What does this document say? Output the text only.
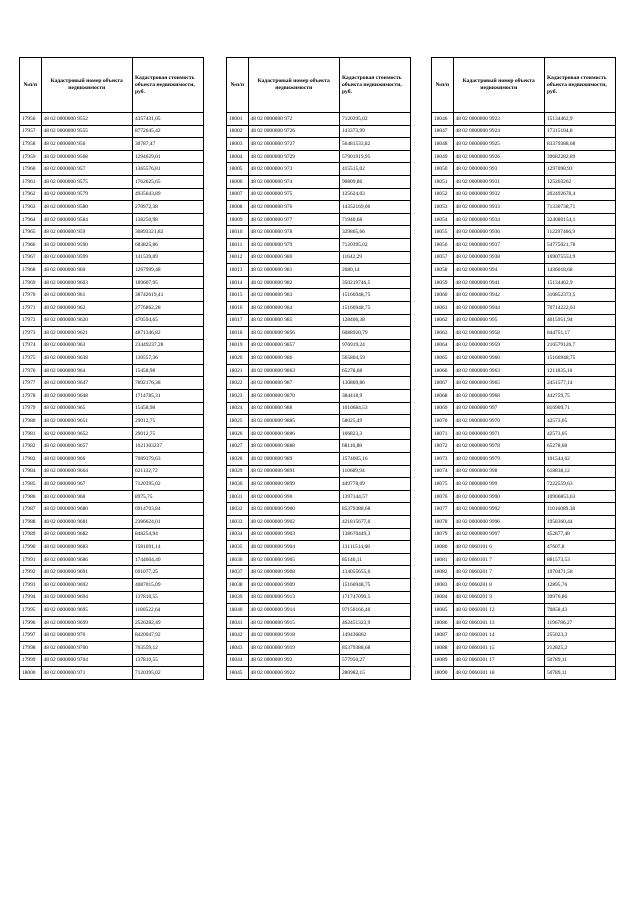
№п/п	Кадастровый номер объекта недвижимости	Кадастровая стоимость объекта недвижимости, руб.
17956	48 02 0000000 9552	4357431,05
17957	48 02 0000000 9555	8772645,42
17958	48 02 0000000 956	30787,47
17959	48 02 0000000 9568	1294029,01
17960	48 02 0000000 957	1365576,81
17961	48 02 0000000 9575	1762625,65
17962	48 02 0000000 9579	4935643,89
17963	48 02 0000000 9580	270972,38
17964	48 02 0000000 9584	138250,98
17965	48 02 0000000 959	30893321,82
17966	48 02 0000000 9590	683825,86
17967	48 02 0000000 9599	141539,89
17968	48 02 0000000 960	1267999,48
17969	48 02 0000000 9603	189607,95
17970	48 02 0000000 961	38742619,41
17971	48 02 0000000 962	2776862,28
17972	48 02 0000000 9620	470594,65
17973	48 02 0000000 9621	4871346,82
17974	48 02 0000000 963	23449237,28
17975	48 02 0000000 9638	130557,36
17976	48 02 0000000 964	15458,98
17977	48 02 0000000 9647	7892176,38
17978	48 02 0000000 9648	1714785,31
17979	48 02 0000000 965	15458,98
17980	48 02 0000000 9651	29012,75
17981	48 02 0000000 9652	29012,75
17982	48 02 0000000 9657	1021303237
17983	48 02 0000000 966	7089379,63
17984	48 02 0000000 9664	621132,72
17985	48 02 0000000 967	7120395,02
17986	48 02 0000000 968	8975,75
17987	48 02 0000000 9680	6914703,84
17988	48 02 0000000 9681	2386624,01
17989	48 02 0000000 9682	848254,94
17990	48 02 0000000 9683	1581691,14
17991	48 02 0000000 9686	1744604,40
17992	48 02 0000000 9691	691077,25
17993	48 02 0000000 9692	4087015,09
17994	48 02 0000000 9694	137810,55
17995	48 02 0000000 9695	1180522,64
17996	48 02 0000000 9699	2526282,49
17997	48 02 0000000 970	8420047,92
17998	48 02 0000000 9700	703559,12
17999	48 02 0000000 9704	137810,55
18000	48 02 0000000 971	7120395,02
№п/п	Кадастровый номер объекта недвижимости	Кадастровая стоимость объекта недвижимости, руб.
18001	48 02 0000000 972	7120395,02
18002	48 02 0000000 9726	143373,99
18003	48 02 0000000 9727	56481533,82
18004	48 02 0000000 9729	57901919,95
18005	48 02 0000000 973	415515,02
18006	48 02 0000000 974	90809,86
18007	48 02 0000000 975	125624,03
18008	48 02 0000000 976	14352169,06
18009	48 02 0000000 977	71940,68
18010	48 02 0000000 978	329805,66
18011	48 02 0000000 979	7120395,02
18012	48 02 0000000 980	11642,29
18013	48 02 0000000 981	2680,14
18014	48 02 0000000 982	350219746,5
18015	48 02 0000000 983	15166948,75
18016	48 02 0000000 984	15166948,75
18017	48 02 0000000 985	128406,38
18018	48 02 0000000 9856	6088920,79
18019	48 02 0000000 9857	976919,24
18020	48 02 0000000 986	565804,59
18021	48 02 0000000 9863	65278,68
18022	48 02 0000000 987	130869,86
18023	48 02 0000000 9870	384418,9
18024	48 02 0000000 988	1010684,53
18025	48 02 0000000 9885	58025,49
18026	48 02 0000000 9886	166823,3
18027	48 02 0000000 9888	68116,88
18028	48 02 0000000 989	1574005,16
18029	48 02 0000000 9891	110689,94
18030	48 02 0000000 9899	449778,09
18031	48 02 0000000 990	1397144,57
18032	48 02 0000000 9900	85379388,68
18033	48 02 0000000 9902	421815677,6
18034	48 02 0000000 9903	138670449,3
18035	48 02 0000000 9904	13111514,68
18036	48 02 0000000 9905	85146,11
18037	48 02 0000000 9908	134055655,6
18038	48 02 0000000 9909	15166948,75
18039	48 02 0000000 9913	171747090,5
18040	48 02 0000000 9914	97156166,46
18041	48 02 0000000 9915	462451323,9
18042	48 02 0000000 9918	149436862
18043	48 02 0000000 9919	85379388,68
18044	48 02 0000000 992	577950,27
18045	48 02 0000000 9922	280982,15
№п/п	Кадастровый номер объекта недвижимости	Кадастровая стоимость объекта недвижимости, руб.
18046	48 02 0000000 9923	15134462,9
18047	48 02 0000000 9924	17315104,8
18048	48 02 0000000 9925	83379388,68
18049	48 02 0000000 9926	39682282,89
18050	48 02 0000000 993	1297098,93
18051	48 02 0000000 9931	125263262
18052	48 02 0000000 9932	202492678,4
18053	48 02 0000000 9933	71330738,71
18054	48 02 0000000 9934	324080154,1
18055	48 02 0000000 9936	112297466,9
18056	48 02 0000000 9937	54775021,78
18057	48 02 0000000 9938	169075553,9
18058	48 02 0000000 994	1436018,68
18059	48 02 0000000 9941	15134462,9
18060	48 02 0000000 9942	310852373,5
18061	48 02 0000000 9944	70714222,03
18062	48 02 0000000 995	4015951,94
18063	48 02 0000000 9958	844751,17
18064	48 02 0000000 9959	216579126,7
18065	48 02 0000000 9960	15166948,75
18066	48 02 0000000 9963	1211835,16
18067	48 02 0000000 9965	2451577,14
18068	48 02 0000000 9968	442759,75
18069	48 02 0000000 997	816909,71
18070	48 02 0000000 9970	42573,05
18071	48 02 0000000 9971	42573,05
18072	48 02 0000000 9978	65278,68
18073	48 02 0000000 9979	101544,62
18074	48 02 0000000 998	618838,12
18075	48 02 0000000 999	7222559,63
18076	48 02 0000000 9990	10906853,63
18077	48 02 0000000 9992	11016089,38
18078	48 02 0000000 9996	1958360,44
18079	48 02 0000000 9997	452877,48
18080	48 02 0060101 6	47607,8
18081	48 02 0060101 7	881573,53
18082	48 02 0060201 7	1970471,58
18083	48 02 0060201 8	12895,76
18084	48 02 0060201 9	39976,86
18085	48 02 0060301 12	70858,43
18086	48 02 0060301 13	1196786,27
18087	48 02 0060301 14	255023,3
18088	48 02 0060301 15	212825,2
18089	48 02 0060301 17	50789,11
18090	48 02 0060301 18	50789,11
